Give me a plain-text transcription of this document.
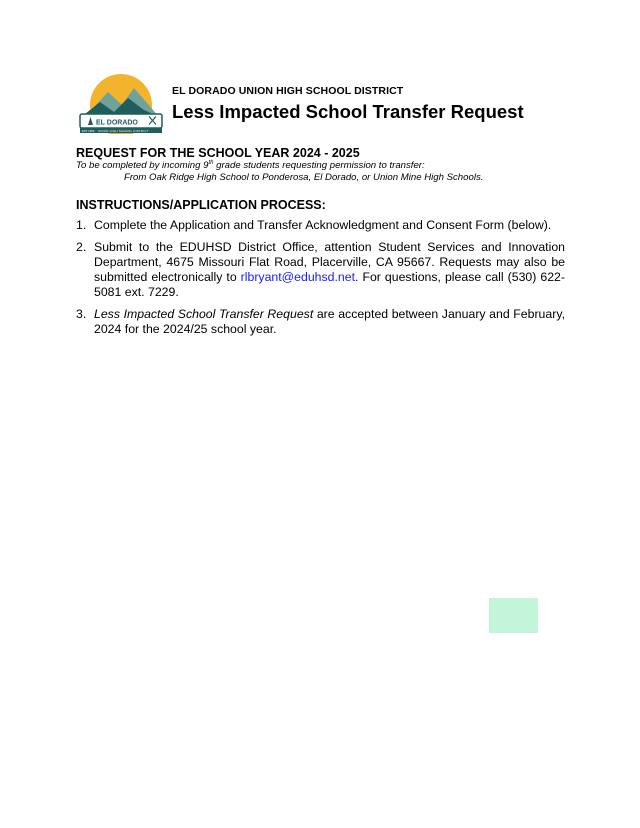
EL DORADO
EST 1959 UNION HIGH SCHOOL DISTRICT
EL DORADO UNION HIGH SCHOOL DISTRICT
Less Impacted School Transfer Request
REQUEST FOR THE SCHOOL YEAR 2024 - 2025
To be completed by incoming 9th grade students requesting permission to transfer:
From Oak Ridge High School to Ponderosa, El Dorado, or Union Mine High Schools.
INSTRUCTIONS/APPLICATION PROCESS:
1. Complete the Application and Transfer Acknowledgment and Consent Form (below).
2. Submit to the EDUHSD District Office, attention Student Services and Innovation Department, 4675 Missouri Flat Road, Placerville, CA 95667. Requests may also be submitted electronically to rlbryant@eduhsd.net. For questions, please call (530) 622-5081 ext. 7229.
3. Less Impacted School Transfer Request are accepted between January and February, 2024 for the 2024/25 school year.
